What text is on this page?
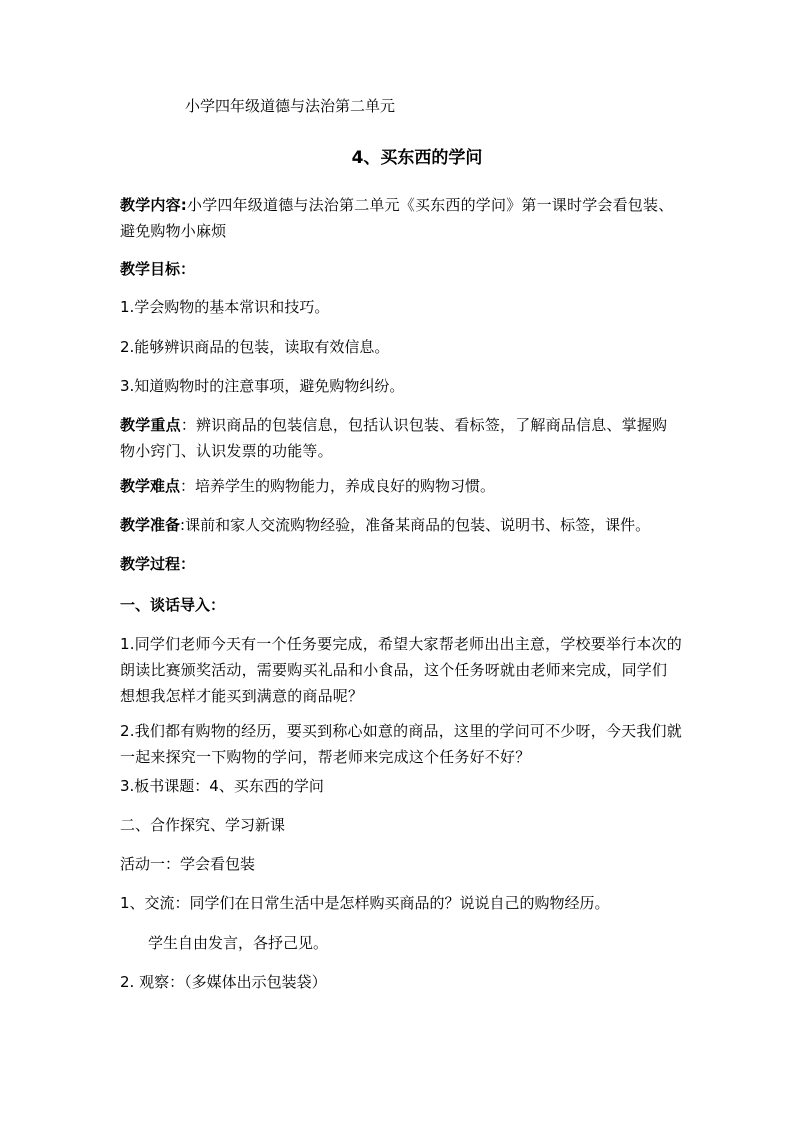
小学四年级道德与法治第二单元
4、买东西的学问
教学内容:小学四年级道德与法治第二单元《买东西的学问》第一课时学会看包装、避免购物小麻烦
教学目标：
1.学会购物的基本常识和技巧。
2.能够辨识商品的包装，读取有效信息。
3.知道购物时的注意事项，避免购物纠纷。
教学重点：辨识商品的包装信息，包括认识包装、看标签，了解商品信息、掌握购物小窍门、认识发票的功能等。
教学难点：培养学生的购物能力，养成良好的购物习惯。
教学准备:课前和家人交流购物经验，准备某商品的包装、说明书、标签，课件。
教学过程：
一、谈话导入：
1.同学们老师今天有一个任务要完成，希望大家帮老师出出主意，学校要举行本次的朗读比赛颁奖活动，需要购买礼品和小食品，这个任务呀就由老师来完成，同学们想想我怎样才能买到满意的商品呢？
2.我们都有购物的经历，要买到称心如意的商品，这里的学问可不少呀，今天我们就一起来探究一下购物的学问，帮老师来完成这个任务好不好？
3.板书课题：4、买东西的学问
二、合作探究、学习新课
活动一：学会看包装
1、交流：同学们在日常生活中是怎样购买商品的？说说自己的购物经历。
学生自由发言，各抒己见。
2. 观察：（多媒体出示包装袋）
